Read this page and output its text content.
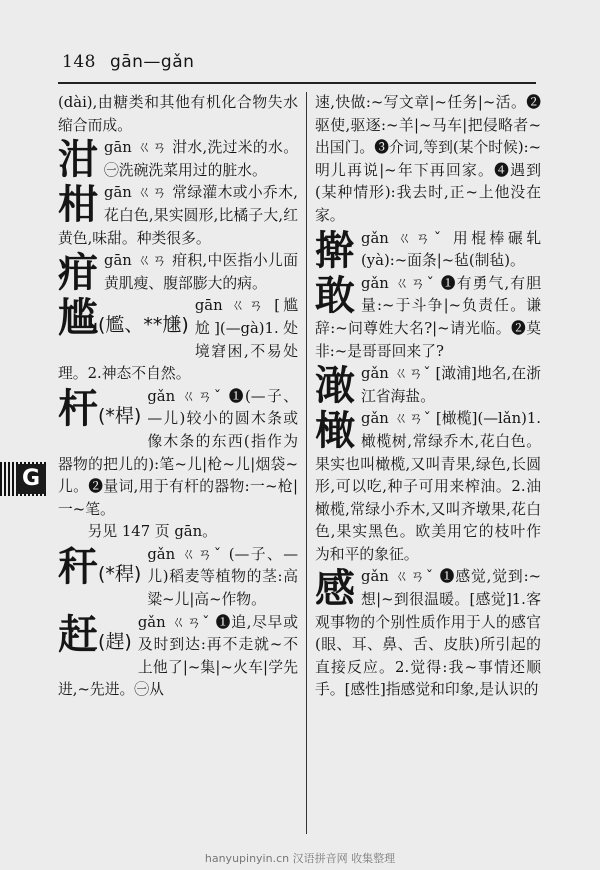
148 gān—gǎn
G

(dài),由糖类和其他有机化合物失水缩合而成。

泔gān ㄍㄢ 泔水,洗过米的水。㊀洗碗洗菜用过的脏水。

柑gān ㄍㄢ 常绿灌木或小乔木,花白色,果实圆形,比橘子大,红黄色,味甜。种类很多。

疳gān ㄍㄢ 疳积,中医指小儿面黄肌瘦、腹部膨大的病。

尴(尷、**尲)
gān ㄍㄢ [尴尬](—gà)1.处境窘困,不易处理。2.神态不自然。

杆(*桿)
gǎn ㄍㄢˇ ❶(—子、—儿)较小的圆木条或像木条的东西(指作为器物的把儿的):笔~儿|枪~儿|烟袋~儿。❷量词,用于有杆的器物:一~枪|一~笔。

另见 147 页 gān。

秆(*稈)
gǎn ㄍㄢˇ (—子、—儿)稻麦等植物的茎:高粱~儿|高~作物。

赶(趕)
gǎn ㄍㄢˇ ❶追,尽早或及时到达:再不走就~不上他了|~集|~火车|学先进,~先进。㊀从

速,快做:~写文章|~任务|~活。❷驱使,驱逐:~羊|~马车|把侵略者~出国门。❸介词,等到(某个时候):~明儿再说|~年下再回家。❹遇到(某种情形):我去时,正~上他没在家。

擀gǎn ㄍㄢˇ 用棍棒碾轧(yà):~面条|~毡(制毡)。

敢gǎn ㄍㄢˇ ❶有勇气,有胆量:~于斗争|~负责任。谦辞:~问尊姓大名?|~请光临。❷莫非:~是哥哥回来了?

澉gǎn ㄍㄢˇ [澉浦]地名,在浙江省海盐。

橄gǎn ㄍㄢˇ [橄榄](—lǎn)1.橄榄树,常绿乔木,花白色。果实也叫橄榄,又叫青果,绿色,长圆形,可以吃,种子可用来榨油。2.油橄榄,常绿小乔木,又叫齐墩果,花白色,果实黑色。欧美用它的枝叶作为和平的象征。

感gǎn ㄍㄢˇ ❶感觉,觉到:~想|~到很温暖。[感觉]1.客观事物的个别性质作用于人的感官(眼、耳、鼻、舌、皮肤)所引起的直接反应。2.觉得:我~事情还顺手。[感性]指感觉和印象,是认识的

hanyupinyin.cn 汉语拼音网 收集整理
